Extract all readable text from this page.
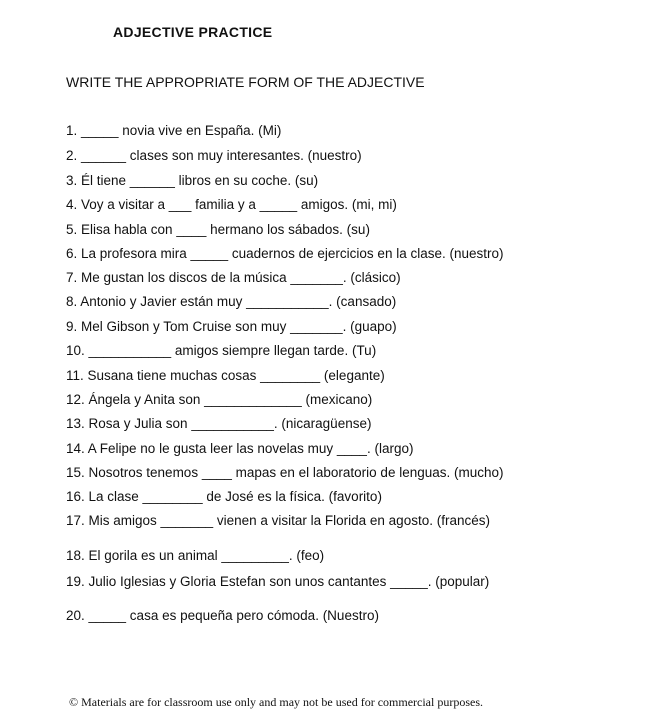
ADJECTIVE PRACTICE
WRITE THE APPROPRIATE FORM OF THE ADJECTIVE
1. _____ novia vive en España. (Mi)
2. ______ clases son muy interesantes. (nuestro)
3. Él tiene ______ libros en su coche. (su)
4. Voy a visitar a ___ familia y a _____ amigos. (mi, mi)
5. Elisa habla con ____ hermano los sábados. (su)
6. La profesora mira _____ cuadernos de ejercicios en la clase. (nuestro)
7. Me gustan los discos de la música _______. (clásico)
8. Antonio y Javier están muy ___________. (cansado)
9. Mel Gibson y Tom Cruise son muy _______. (guapo)
10. ___________ amigos siempre llegan tarde. (Tu)
11. Susana tiene muchas cosas ________ (elegante)
12. Ángela y Anita son _____________ (mexicano)
13. Rosa y Julia son ___________. (nicaragüense)
14. A Felipe no le gusta leer las novelas muy ____. (largo)
15. Nosotros tenemos ____ mapas en el laboratorio de lenguas. (mucho)
16. La clase ________ de José es la física. (favorito)
17. Mis amigos _______ vienen a visitar la Florida en agosto. (francés)
18. El gorila es un animal _________. (feo)
19. Julio Iglesias y Gloria Estefan son unos cantantes _____. (popular)
20. _____ casa es pequeña pero cómoda. (Nuestro)
© Materials are for classroom use only and may not be used for commercial purposes.
